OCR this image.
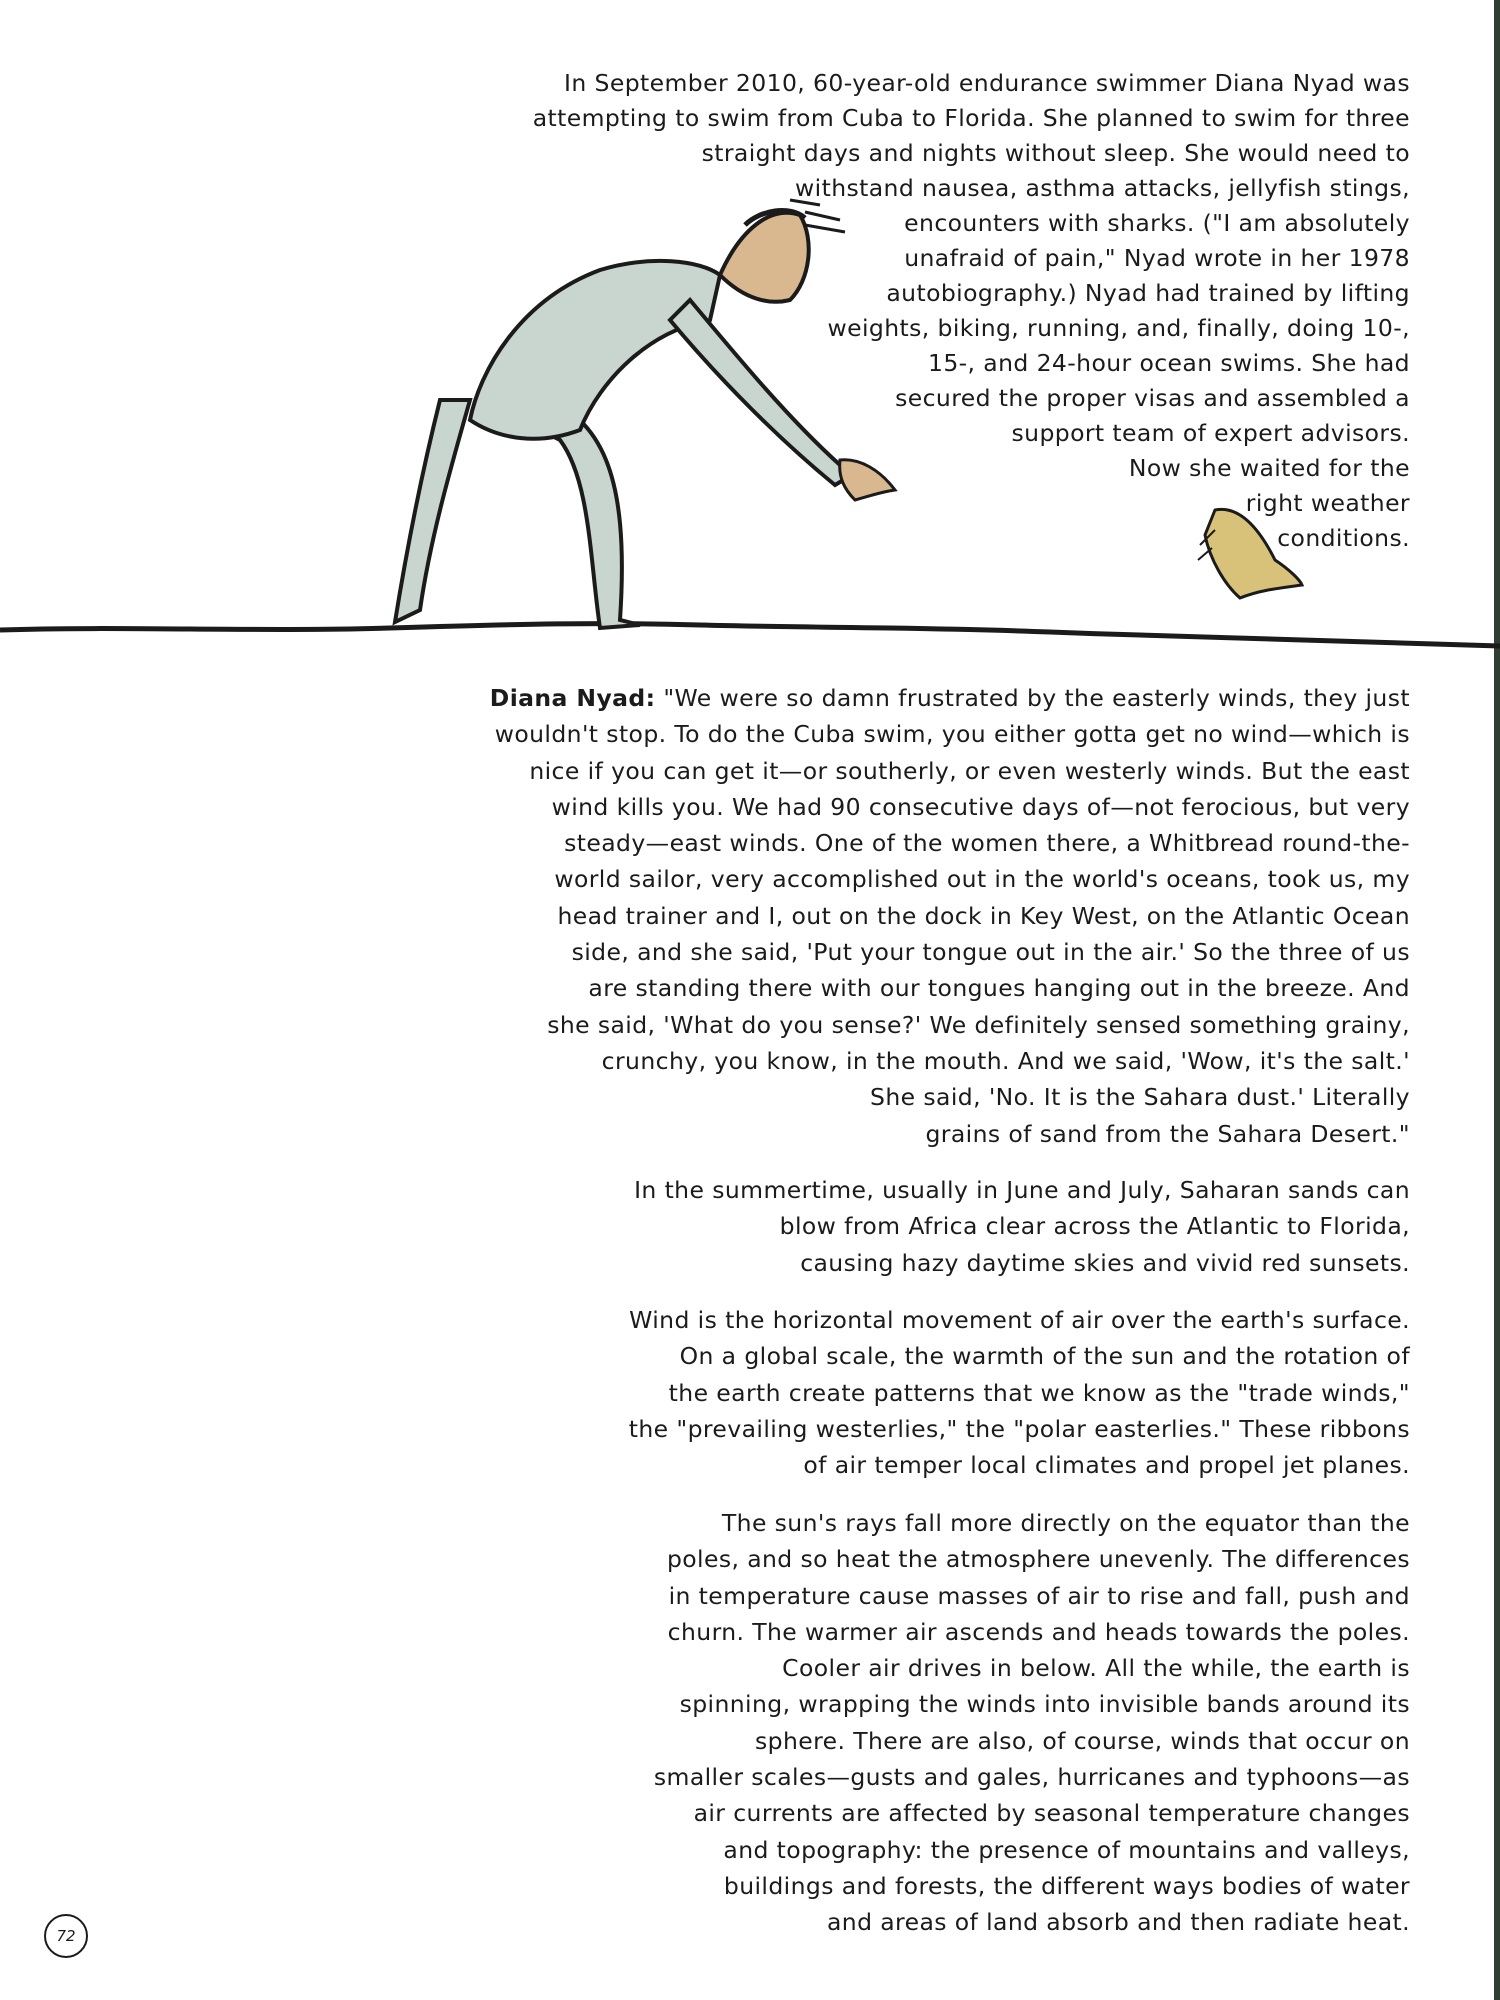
In September 2010, 60-year-old endurance swimmer Diana Nyad was
attempting to swim from Cuba to Florida. She planned to swim for three
straight days and nights without sleep. She would need to
withstand nausea, asthma attacks, jellyfish stings,
encounters with sharks. ("I am absolutely
unafraid of pain," Nyad wrote in her 1978
autobiography.) Nyad had trained by lifting
weights, biking, running, and, finally, doing 10-,
15-, and 24-hour ocean swims. She had
secured the proper visas and assembled a
support team of expert advisors.
Now she waited for the
right weather
conditions.
Diana Nyad: "We were so damn frustrated by the easterly winds, they just
wouldn't stop. To do the Cuba swim, you either gotta get no wind—which is
nice if you can get it—or southerly, or even westerly winds. But the east
wind kills you. We had 90 consecutive days of—not ferocious, but very
steady—east winds. One of the women there, a Whitbread round-the-
world sailor, very accomplished out in the world's oceans, took us, my
head trainer and I, out on the dock in Key West, on the Atlantic Ocean
side, and she said, 'Put your tongue out in the air.' So the three of us
are standing there with our tongues hanging out in the breeze. And
she said, 'What do you sense?' We definitely sensed something grainy,
crunchy, you know, in the mouth. And we said, 'Wow, it's the salt.'
She said, 'No. It is the Sahara dust.' Literally
grains of sand from the Sahara Desert."
In the summertime, usually in June and July, Saharan sands can
blow from Africa clear across the Atlantic to Florida,
causing hazy daytime skies and vivid red sunsets.
Wind is the horizontal movement of air over the earth's surface.
On a global scale, the warmth of the sun and the rotation of
the earth create patterns that we know as the "trade winds,"
the "prevailing westerlies," the "polar easterlies." These ribbons
of air temper local climates and propel jet planes.
The sun's rays fall more directly on the equator than the
poles, and so heat the atmosphere unevenly. The differences
in temperature cause masses of air to rise and fall, push and
churn. The warmer air ascends and heads towards the poles.
Cooler air drives in below. All the while, the earth is
spinning, wrapping the winds into invisible bands around its
sphere. There are also, of course, winds that occur on
smaller scales—gusts and gales, hurricanes and typhoons—as
air currents are affected by seasonal temperature changes
and topography: the presence of mountains and valleys,
buildings and forests, the different ways bodies of water
and areas of land absorb and then radiate heat.
72
